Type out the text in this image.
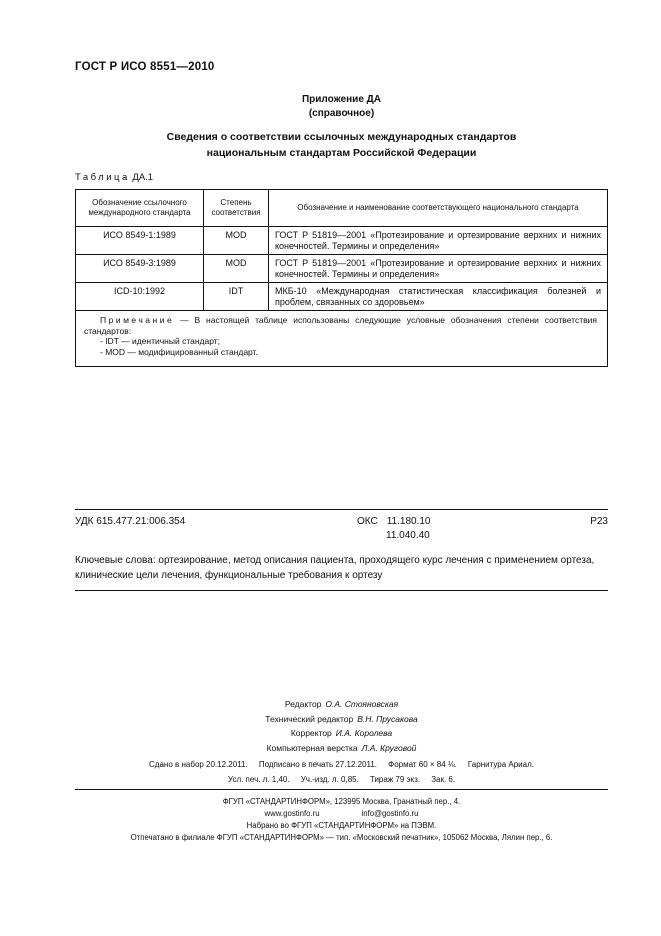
ГОСТ Р ИСО 8551—2010
Приложение ДА
(справочное)
Сведения о соответствии ссылочных международных стандартов национальным стандартам Российской Федерации
Таблица ДА.1
Обозначение ссылочного международного стандарта	Степень соответствия	Обозначение и наименование соответствующего национального стандарта
ИСО 8549-1:1989	MOD	ГОСТ Р 51819—2001 «Протезирование и ортезирование верхних и нижних конечностей. Термины и определения»
ИСО 8549-3:1989	MOD	ГОСТ Р 51819—2001 «Протезирование и ортезирование верхних и нижних конечностей. Термины и определения»
ICD-10:1992	IDT	МКБ-10 «Международная статистическая классификация болезней и проблем, связанных со здоровьем»

Примечание — В настоящей таблице использованы следующие условные обозначения степени соответствия стандартов:
- IDT — идентичный стандарт;
- MOD — модифицированный стандарт.		
УДК 615.477.21:006.354	ОКС 11.180.10
11.040.40
Р23
Ключевые слова: ортезирование, метод описания пациента, проходящего курс лечения с применением ортеза, клинические цели лечения, функциональные требования к ортезу
Редактор О.А. Стояновская
Технический редактор В.Н. Прусакова
Корректор И.А. Королева
Компьютерная верстка Л.А. Круговой
Сдано в набор 20.12.2011.     Подписано в печать 27.12.2011.     Формат 60 × 84 ⅛.     Гарнитура Ариал.
Усл. печ. л. 1,40.     Уч.-изд. л. 0,85.     Тираж 79 экз.     Зак. 6.
ФГУП «СТАНДАРТИНФОРМ», 123995 Москва, Гранатный пер., 4.
www.gostinfo.ru	info@gostinfo.ru
Набрано во ФГУП «СТАНДАРТИНФОРМ» на ПЭВМ.
Отпечатано в филиале ФГУП «СТАНДАРТИНФОРМ» — тип. «Московский печатник», 105062 Москва, Лялин пер., 6.
